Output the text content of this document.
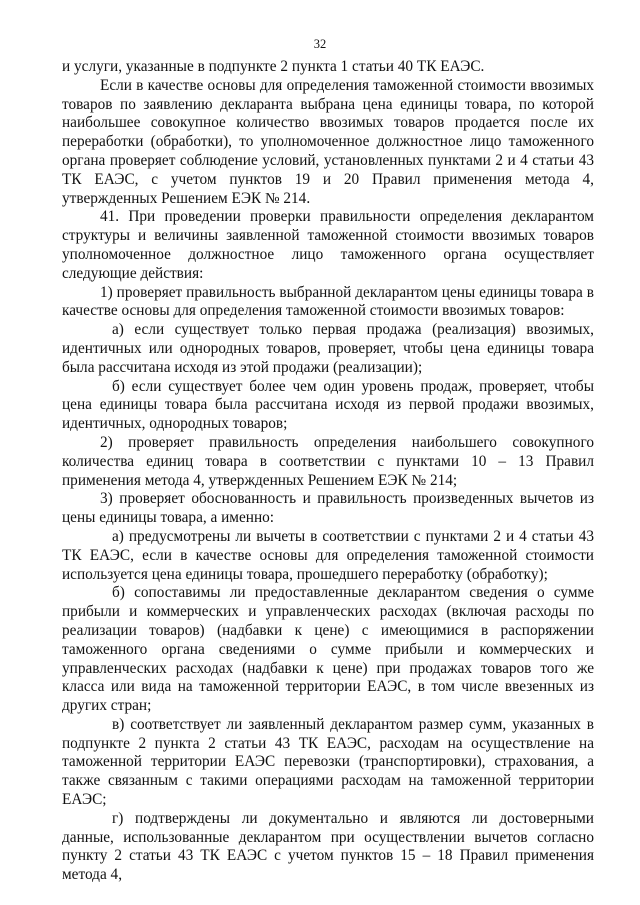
32

и услуги, указанные в подпункте 2 пункта 1 статьи 40 ТК ЕАЭС.

Если в качестве основы для определения таможенной стоимости ввозимых товаров по заявлению декларанта выбрана цена единицы товара, по которой наибольшее совокупное количество ввозимых товаров продается после их переработки (обработки), то уполномоченное должностное лицо таможенного органа проверяет соблюдение условий, установленных пунктами 2 и 4 статьи 43 ТК ЕАЭС, с учетом пунктов 19 и 20 Правил применения метода 4, утвержденных Решением ЕЭК № 214.

41. При проведении проверки правильности определения декларантом структуры и величины заявленной таможенной стоимости ввозимых товаров уполномоченное должностное лицо таможенного органа осуществляет следующие действия:

1) проверяет правильность выбранной декларантом цены единицы товара в качестве основы для определения таможенной стоимости ввозимых товаров:

а) если существует только первая продажа (реализация) ввозимых, идентичных или однородных товаров, проверяет, чтобы цена единицы товара была рассчитана исходя из этой продажи (реализации);

б) если существует более чем один уровень продаж, проверяет, чтобы цена единицы товара была рассчитана исходя из первой продажи ввозимых, идентичных, однородных товаров;

2) проверяет правильность определения наибольшего совокупного количества единиц товара в соответствии с пунктами 10 – 13 Правил применения метода 4, утвержденных Решением ЕЭК № 214;

3) проверяет обоснованность и правильность произведенных вычетов из цены единицы товара, а именно:

а) предусмотрены ли вычеты в соответствии с пунктами 2 и 4 статьи 43 ТК ЕАЭС, если в качестве основы для определения таможенной стоимости используется цена единицы товара, прошедшего переработку (обработку);

б) сопоставимы ли предоставленные декларантом сведения о сумме прибыли и коммерческих и управленческих расходах (включая расходы по реализации товаров) (надбавки к цене) с имеющимися в распоряжении таможенного органа сведениями о сумме прибыли и коммерческих и управленческих расходах (надбавки к цене) при продажах товаров того же класса или вида на таможенной территории ЕАЭС, в том числе ввезенных из других стран;

в) соответствует ли заявленный декларантом размер сумм, указанных в подпункте 2 пункта 2 статьи 43 ТК ЕАЭС, расходам на осуществление на таможенной территории ЕАЭС перевозки (транспортировки), страхования, а также связанным с такими операциями расходам на таможенной территории ЕАЭС;

г) подтверждены ли документально и являются ли достоверными данные, использованные декларантом при осуществлении вычетов согласно пункту 2 статьи 43 ТК ЕАЭС с учетом пунктов 15 – 18 Правил применения метода 4,
